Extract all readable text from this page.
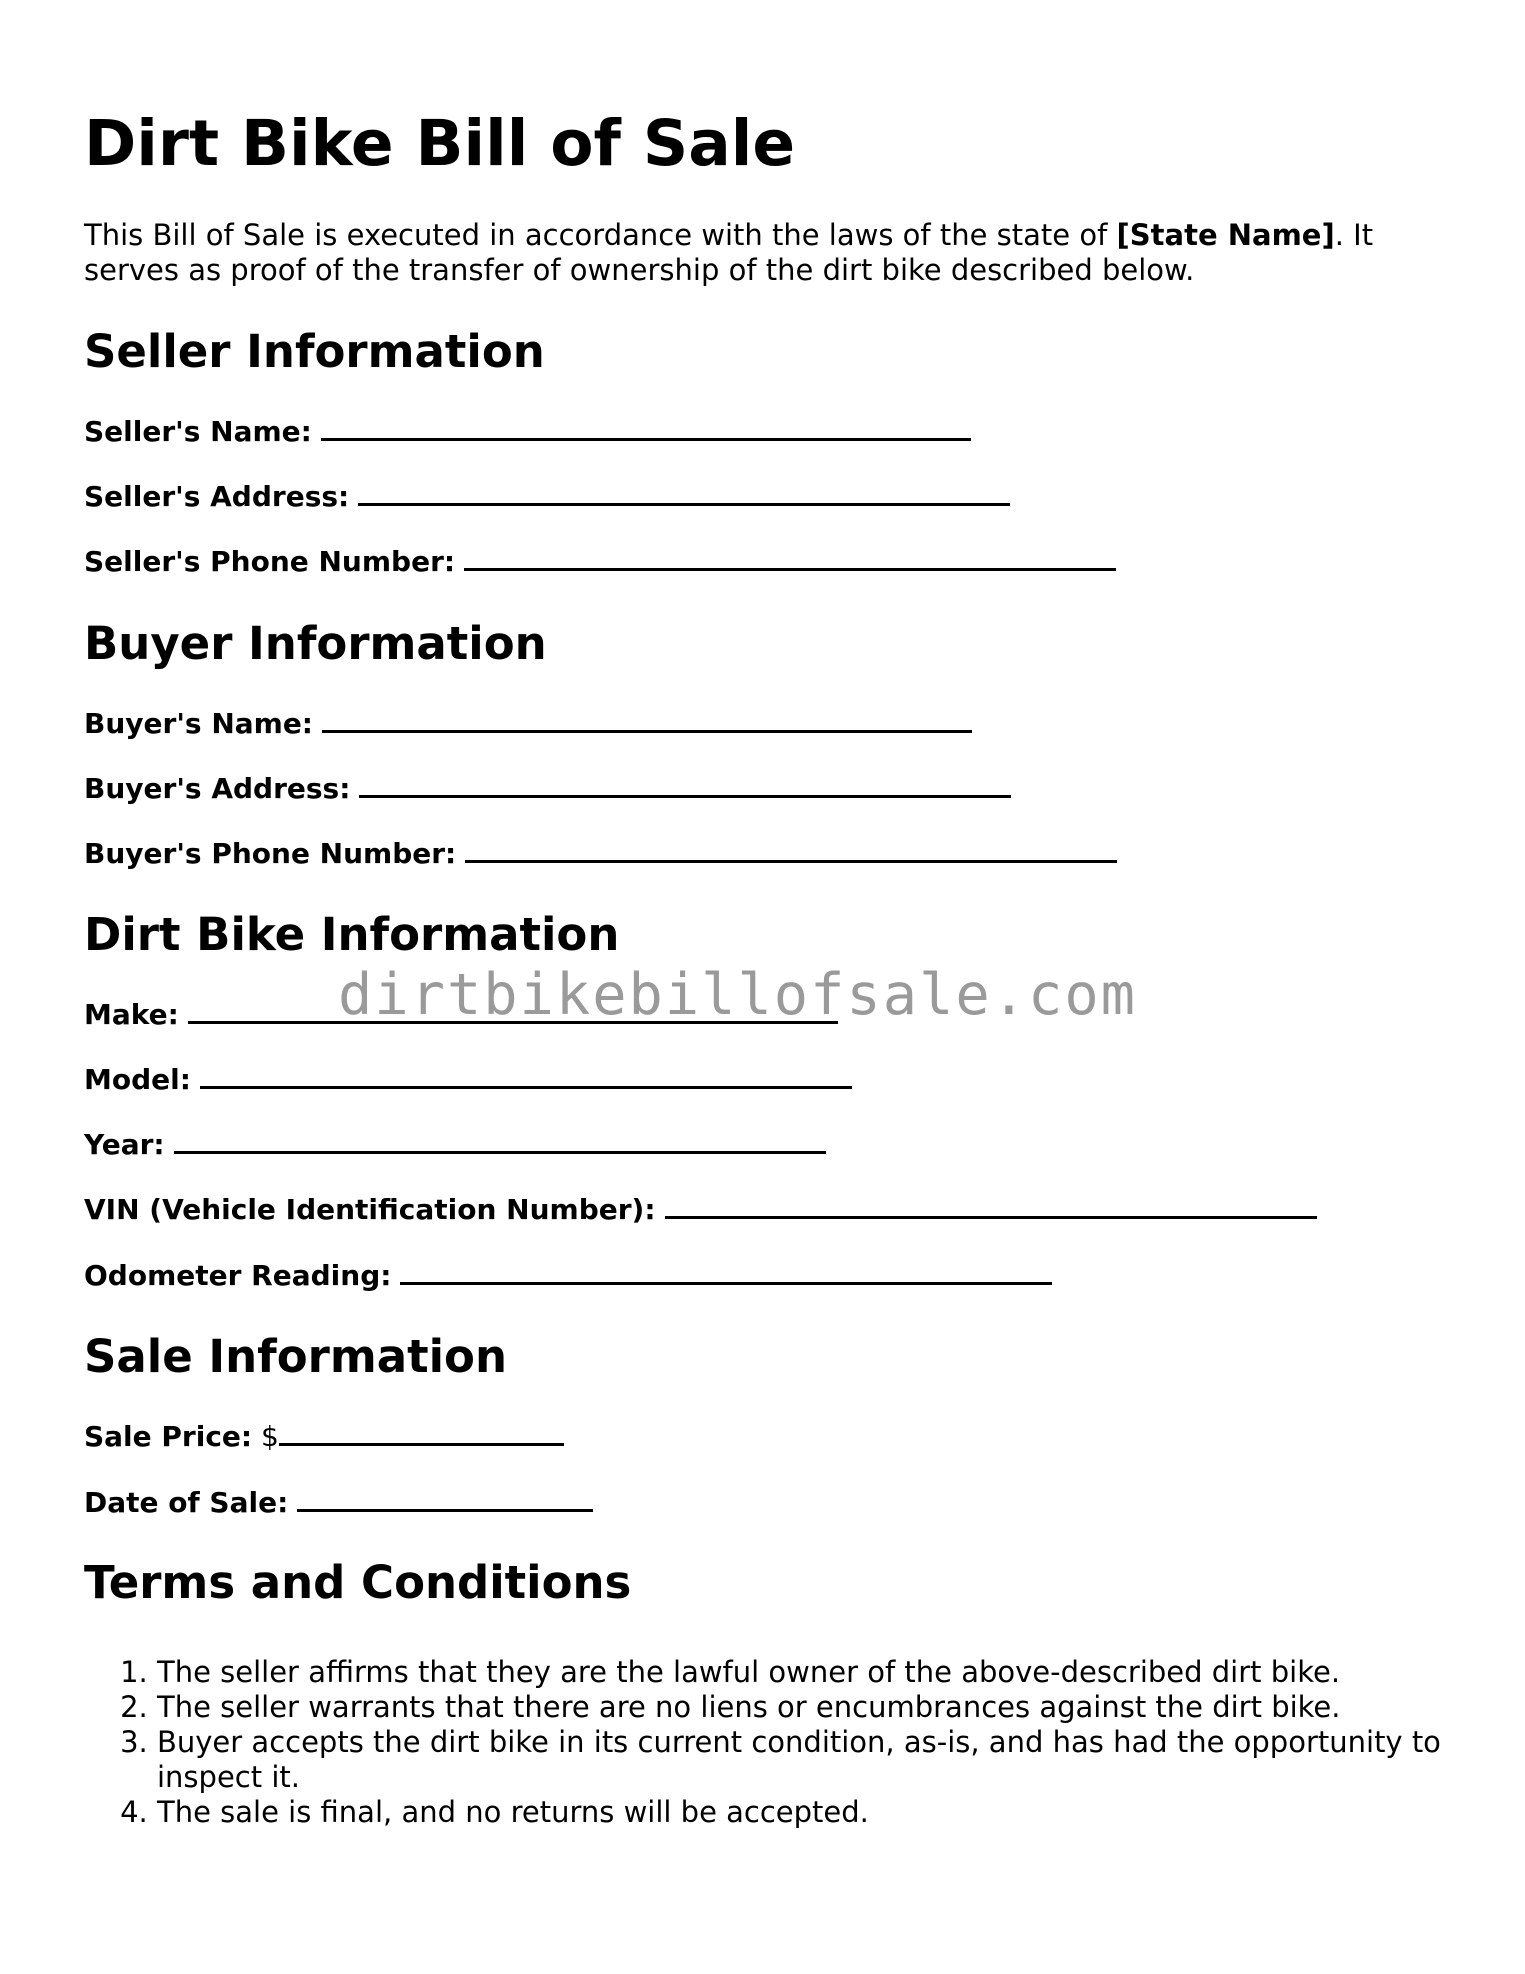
Dirt Bike Bill of Sale

This Bill of Sale is executed in accordance with the laws of the state of [State Name]. It serves as proof of the transfer of ownership of the dirt bike described below.

Seller Information

Seller's Name:

Seller's Address:

Seller's Phone Number:

Buyer Information

Buyer's Name:

Buyer's Address:

Buyer's Phone Number:

Dirt Bike Information

Make:

Model:

Year:

VIN (Vehicle Identification Number):

Odometer Reading:

Sale Information

Sale Price: $

Date of Sale:

Terms and Conditions
1. The seller affirms that they are the lawful owner of the above-described dirt bike.
2. The seller warrants that there are no liens or encumbrances against the dirt bike.
3. Buyer accepts the dirt bike in its current condition, as-is, and has had the opportunity to inspect it.
4. The sale is final, and no returns will be accepted.
dirtbikebillofsale.com
